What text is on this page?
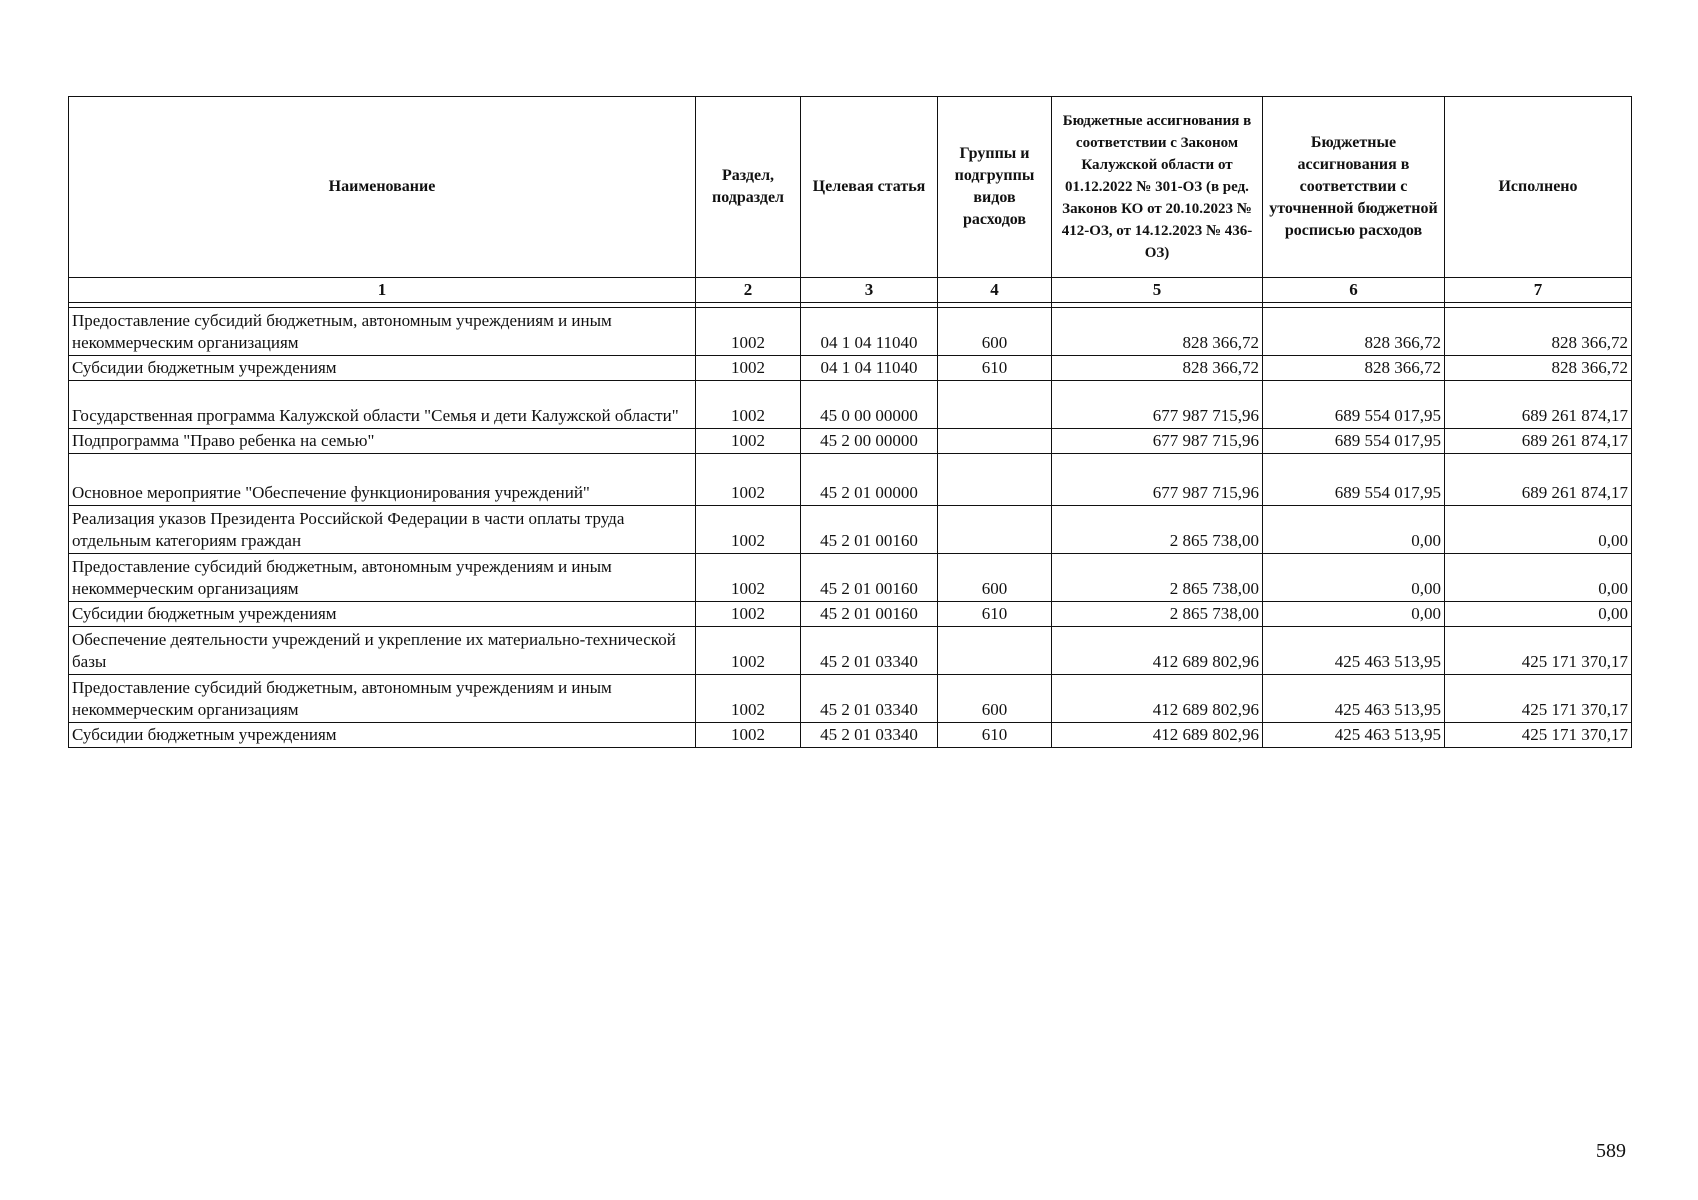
Наименование	Раздел, подраздел	Целевая статья	Группы и подгруппы видов расходов	Бюджетные ассигнования в соответствии с Законом Калужской области от 01.12.2022 № 301-ОЗ (в ред. Законов КО от 20.10.2023 № 412-ОЗ, от 14.12.2023 № 436-ОЗ)	Бюджетные ассигнования в соответствии с уточненной бюджетной росписью расходов	Исполнено
1	2	3	4	5	6	7

Предоставление субсидий бюджетным, автономным учреждениям и иным некоммерческим организациям	1002	04 1 04 11040	600	828 366,72	828 366,72	828 366,72
Субсидии бюджетным учреждениям	1002	04 1 04 11040	610	828 366,72	828 366,72	828 366,72
Государственная программа Калужской области "Семья и дети Калужской области"	1002	45 0 00 00000		677 987 715,96	689 554 017,95	689 261 874,17
Подпрограмма "Право ребенка на семью"	1002	45 2 00 00000		677 987 715,96	689 554 017,95	689 261 874,17
Основное мероприятие "Обеспечение функционирования учреждений"	1002	45 2 01 00000		677 987 715,96	689 554 017,95	689 261 874,17
Реализация указов Президента Российской Федерации в части оплаты труда отдельным категориям граждан	1002	45 2 01 00160		2 865 738,00	0,00	0,00
Предоставление субсидий бюджетным, автономным учреждениям и иным некоммерческим организациям	1002	45 2 01 00160	600	2 865 738,00	0,00	0,00
Субсидии бюджетным учреждениям	1002	45 2 01 00160	610	2 865 738,00	0,00	0,00
Обеспечение деятельности учреждений и укрепление их материально-технической базы	1002	45 2 01 03340		412 689 802,96	425 463 513,95	425 171 370,17
Предоставление субсидий бюджетным, автономным учреждениям и иным некоммерческим организациям	1002	45 2 01 03340	600	412 689 802,96	425 463 513,95	425 171 370,17
Субсидии бюджетным учреждениям	1002	45 2 01 03340	610	412 689 802,96	425 463 513,95	425 171 370,17
589
